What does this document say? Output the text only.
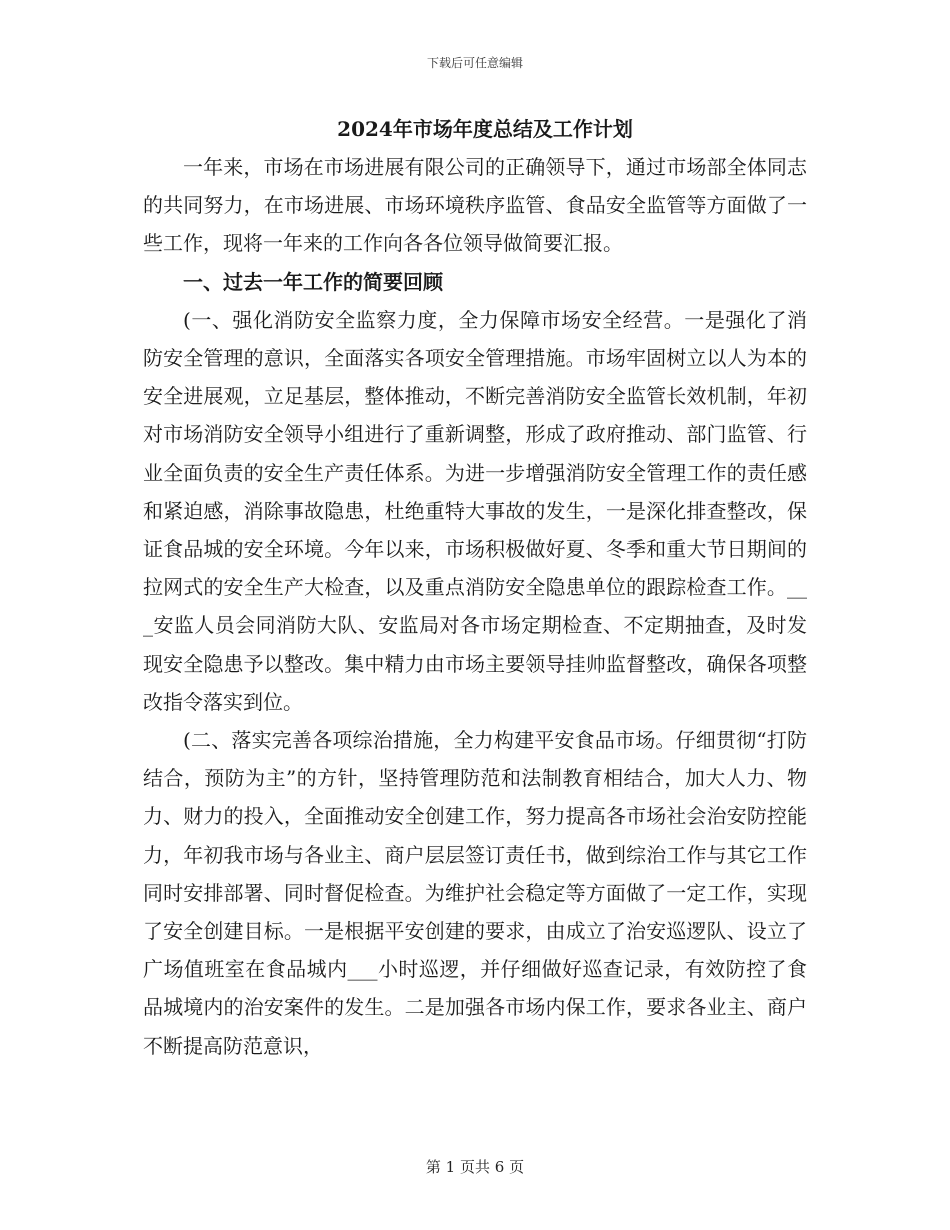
下载后可任意编辑
2024年市场年度总结及工作计划

一年来，市场在市场进展有限公司的正确领导下，通过市场部全体同志的共同努力，在市场进展、市场环境秩序监管、食品安全监管等方面做了一些工作，现将一年来的工作向各各位领导做简要汇报。

一、过去一年工作的简要回顾

(一、强化消防安全监察力度，全力保障市场安全经营。一是强化了消防安全管理的意识，全面落实各项安全管理措施。市场牢固树立以人为本的安全进展观，立足基层，整体推动，不断完善消防安全监管长效机制，年初对市场消防安全领导小组进行了重新调整，形成了政府推动、部门监管、行业全面负责的安全生产责任体系。为进一步增强消防安全管理工作的责任感和紧迫感，消除事故隐患，杜绝重特大事故的发生，一是深化排查整改，保证食品城的安全环境。今年以来，市场积极做好夏、冬季和重大节日期间的拉网式的安全生产大检查，以及重点消防安全隐患单位的跟踪检查工作。___安监人员会同消防大队、安监局对各市场定期检查、不定期抽查，及时发现安全隐患予以整改。集中精力由市场主要领导挂帅监督整改，确保各项整改指令落实到位。

(二、落实完善各项综治措施，全力构建平安食品市场。仔细贯彻“打防结合，预防为主”的方针，坚持管理防范和法制教育相结合，加大人力、物力、财力的投入，全面推动安全创建工作，努力提高各市场社会治安防控能力，年初我市场与各业主、商户层层签订责任书，做到综治工作与其它工作同时安排部署、同时督促检查。为维护社会稳定等方面做了一定工作，实现了安全创建目标。一是根据平安创建的要求，由成立了治安巡逻队、设立了广场值班室在食品城内___小时巡逻，并仔细做好巡查记录，有效防控了食品城境内的治安案件的发生。二是加强各市场内保工作，要求各业主、商户不断提高防范意识，

第 1 页共 6 页
